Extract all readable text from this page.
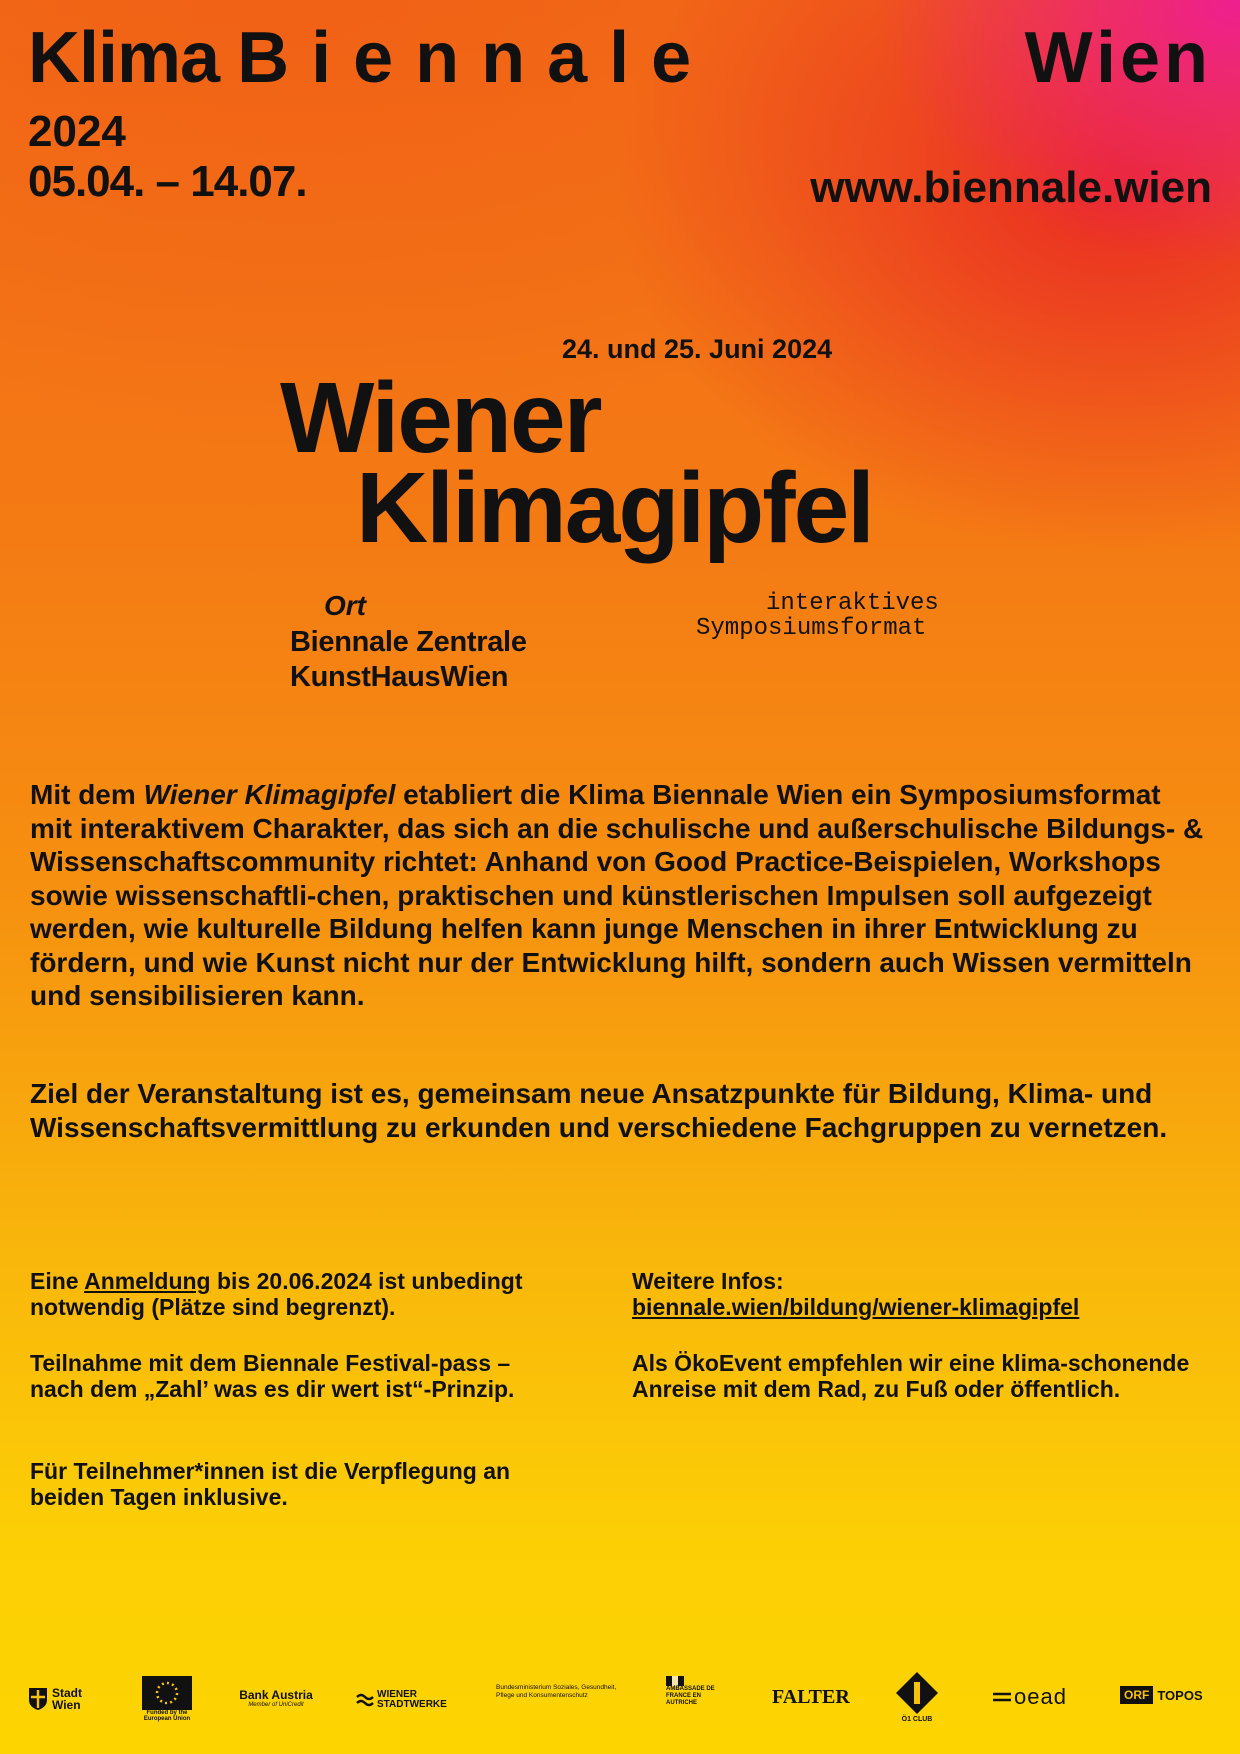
Klima Biennale	Wien
2024
05.04. – 14.07.	www.biennale.wien
24. und 25. Juni 2024
Wiener
Klimagipfel
Ort
Biennale Zentrale
KunstHausWien
interaktives
Symposiumsformat
Mit dem Wiener Klimagipfel etabliert die Klima Biennale Wien ein Symposiumsformat mit interaktivem Charakter, das sich an die schulische und außerschulische Bildungs- & Wissenschaftscommunity richtet: Anhand von Good Practice-Beispielen, Workshops sowie wissenschaftli-chen, praktischen und künstlerischen Impulsen soll aufgezeigt werden, wie kulturelle Bildung helfen kann junge Menschen in ihrer Entwicklung zu fördern, und wie Kunst nicht nur der Entwicklung hilft, sondern auch Wissen vermitteln und sensibilisieren kann.
Ziel der Veranstaltung ist es, gemeinsam neue Ansatzpunkte für Bildung, Klima- und Wissenschaftsvermittlung zu erkunden und verschiedene Fachgruppen zu vernetzen.
Eine Anmeldung bis 20.06.2024 ist unbedingt notwendig (Plätze sind begrenzt).
Teilnahme mit dem Biennale Festival-pass – nach dem „Zahl’ was es dir wert ist“-Prinzip.
Für Teilnehmer*innen ist die Verpflegung an beiden Tagen inklusive.
Weitere Infos:
biennale.wien/bildung/wiener-klimagipfel
Als ÖkoEvent empfehlen wir eine klima-schonende Anreise mit dem Rad, zu Fuß oder öffentlich.
Stadt Wien
Funded by the European Union
Bank Austria
Member of UniCredit
WIENER STADTWERKE
Bundesministerium Soziales, Gesundheit, Pflege und Konsumentenschutz
AMBASSADE DE FRANCE EN AUTRICHE	FALTER
Ö1 CLUB
oead	ORF TOPOS
